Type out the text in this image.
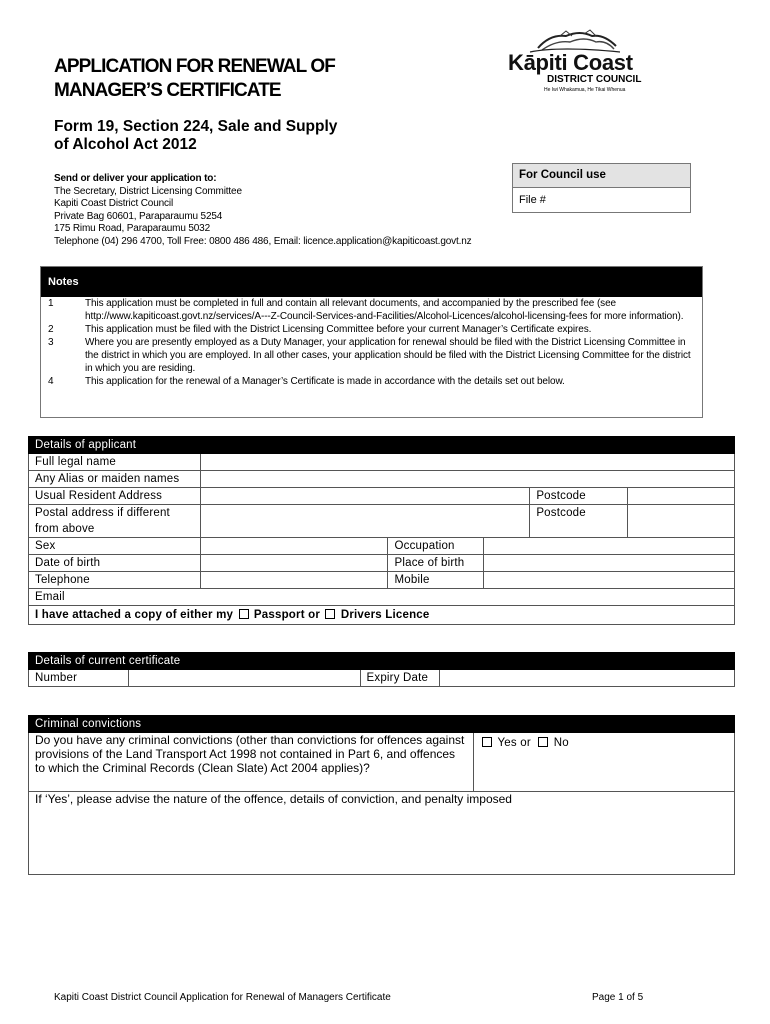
APPLICATION FOR RENEWAL OF
MANAGER’S CERTIFICATE
Form 19, Section 224, Sale and Supply
of Alcohol Act 2012
Kāpiti Coast
DISTRICT COUNCIL
He Iwi Whakamua, He Tikai Whenua
Send or deliver your application to:
The Secretary, District Licensing Committee
Kapiti Coast District Council
Private Bag 60601, Paraparaumu 5254
175 Rimu Road, Paraparaumu 5032
Telephone (04) 296 4700, Toll Free: 0800 486 486, Email: licence.application@kapiticoast.govt.nz
For Council use
File #
Notes
1	This application must be completed in full and contain all relevant documents, and accompanied by the prescribed fee (see http://www.kapiticoast.govt.nz/services/A---Z-Council-Services-and-Facilities/Alcohol-Licences/alcohol-licensing-fees for more information).
2	This application must be filed with the District Licensing Committee before your current Manager’s Certificate expires.
3	Where you are presently employed as a Duty Manager, your application for renewal should be filed with the District Licensing Committee in the district in which you are employed. In all other cases, your application should be filed with the District Licensing Committee for the district in which you are residing.
4	This application for the renewal of a Manager’s Certificate is made in accordance with the details set out below.
Details of applicant					
Full legal name					
Any Alias or maiden names					
Usual Resident Address				Postcode	
Postal address if different from above				Postcode	
Sex		Occupation			
Date of birth		Place of birth			
Telephone		Mobile			
Email					
I have attached a copy of either my Passport or Drivers Licence					
Details of current certificate
Number		Expiry Date	
Criminal convictions
Do you have any criminal convictions (other than convictions for offences against provisions of the Land Transport Act 1998 not contained in Part 6, and offences to which the Criminal Records (Clean Slate) Act 2004 applies)?	Yes or No
If ‘Yes’, please advise the nature of the offence, details of conviction, and penalty imposed
Kapiti Coast District Council Application for Renewal of Managers Certificate	Page 1 of 5
